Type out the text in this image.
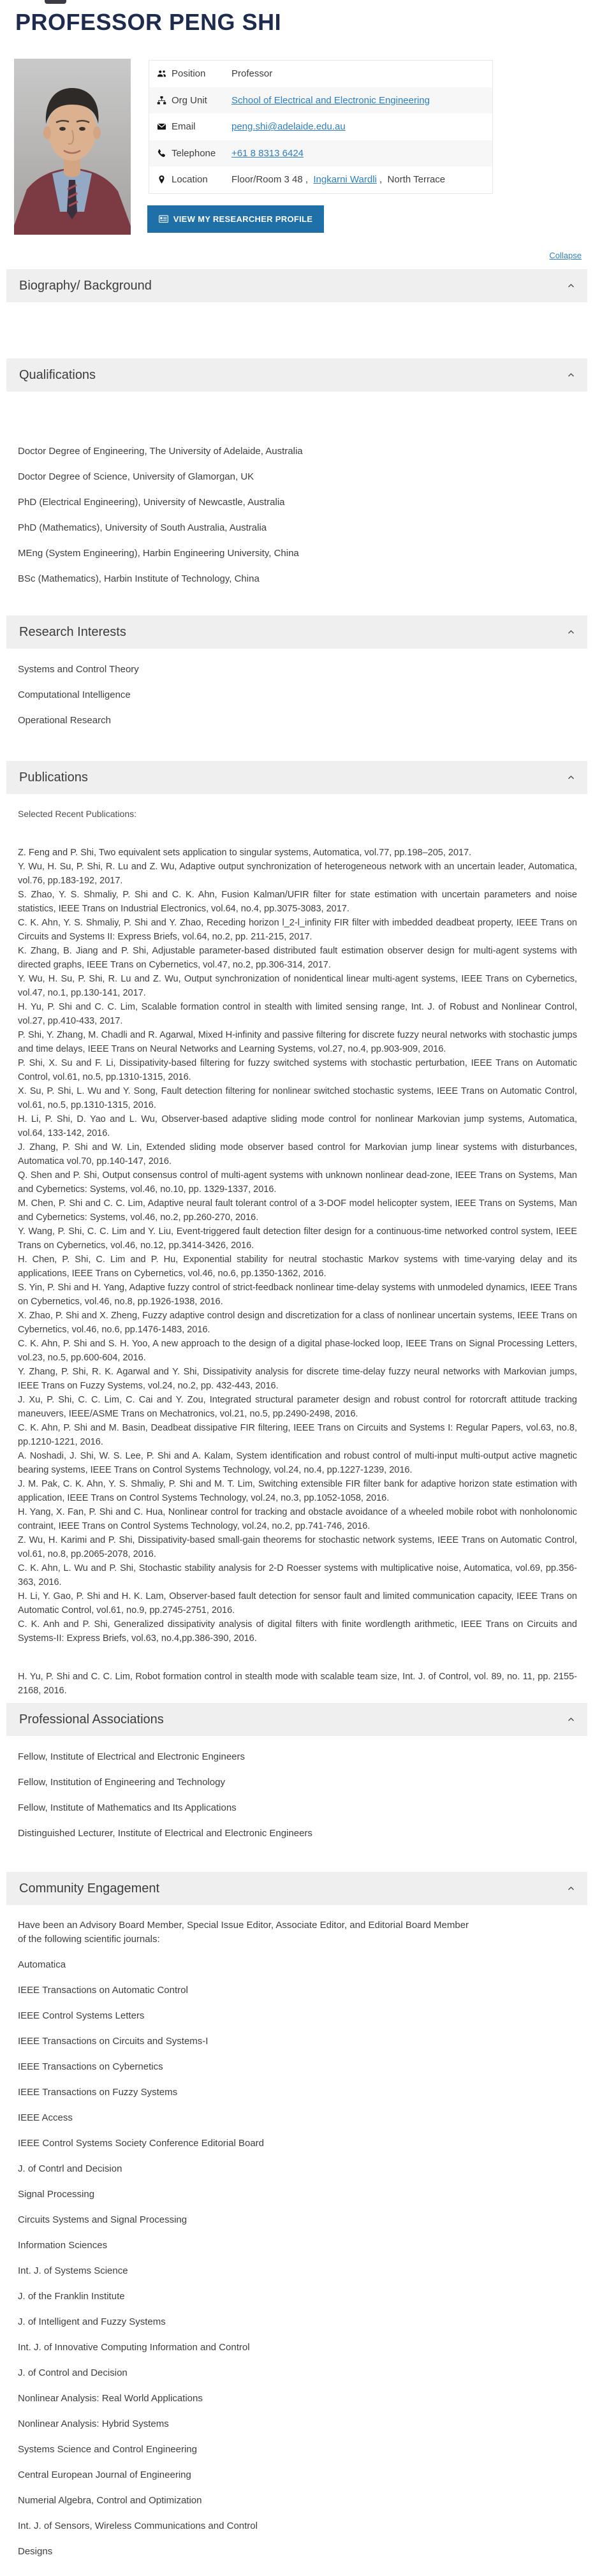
PROFESSOR PENG SHI
Position	Professor
Org Unit	School of Electrical and Electronic Engineering
Email	peng.shi@adelaide.edu.au
Telephone +61 8 8313 6424
Location Floor/Room 3 48 ,  Ingkarni Wardli ,  North Terrace
VIEW MY RESEARCHER PROFILE
Collapse
Biography/ Background
Qualifications
Doctor Degree of Engineering, The University of Adelaide, Australia
Doctor Degree of Science, University of Glamorgan, UK
PhD (Electrical Engineering), University of Newcastle, Australia
PhD (Mathematics), University of South Australia, Australia
MEng (System Engineering), Harbin Engineering University, China
BSc (Mathematics), Harbin Institute of Technology, China
Research Interests
Systems and Control Theory
Computational Intelligence
Operational Research
Publications
Selected Recent Publications:

Z. Feng and P. Shi, Two equivalent sets application to singular systems, Automatica, vol.77, pp.198–205, 2017.

Y. Wu, H. Su, P. Shi, R. Lu and Z. Wu, Adaptive output synchronization of heterogeneous network with an uncertain leader, Automatica, vol.76, pp.183-192, 2017.

S. Zhao, Y. S. Shmaliy, P. Shi and C. K. Ahn, Fusion Kalman/UFIR filter for state estimation with uncertain parameters and noise statistics, IEEE Trans on Industrial Electronics, vol.64, no.4, pp.3075-3083, 2017.

C. K. Ahn, Y. S. Shmaliy, P. Shi and Y. Zhao, Receding horizon l_2-l_infinity FIR filter with imbedded deadbeat property, IEEE Trans on Circuits and Systems II: Express Briefs, vol.64, no.2, pp. 211-215, 2017.

K. Zhang, B. Jiang and P. Shi, Adjustable parameter-based distributed fault estimation observer design for multi-agent systems with directed graphs, IEEE Trans on Cybernetics, vol.47, no.2, pp.306-314, 2017.

Y. Wu, H. Su, P. Shi, R. Lu and Z. Wu, Output synchronization of nonidentical linear multi-agent systems, IEEE Trans on Cybernetics, vol.47, no.1, pp.130-141, 2017.

H. Yu, P. Shi and C. C. Lim, Scalable formation control in stealth with limited sensing range, Int. J. of Robust and Nonlinear Control, vol.27, pp.410-433, 2017.

P. Shi, Y. Zhang, M. Chadli and R. Agarwal, Mixed H-infinity and passive filtering for discrete fuzzy neural networks with stochastic jumps and time delays, IEEE Trans on Neural Networks and Learning Systems, vol.27, no.4, pp.903-909, 2016.

P. Shi, X. Su and F. Li, Dissipativity-based filtering for fuzzy switched systems with stochastic perturbation, IEEE Trans on Automatic Control, vol.61, no.5, pp.1310-1315, 2016.

X. Su, P. Shi, L. Wu and Y. Song, Fault detection filtering for nonlinear switched stochastic systems, IEEE Trans on Automatic Control, vol.61, no.5, pp.1310-1315, 2016.

H. Li, P. Shi, D. Yao and L. Wu, Observer-based adaptive sliding mode control for nonlinear Markovian jump systems, Automatica, vol.64, 133-142, 2016.

J. Zhang, P. Shi and W. Lin, Extended sliding mode observer based control for Markovian jump linear systems with disturbances, Automatica vol.70, pp.140-147, 2016.

Q. Shen and P. Shi, Output consensus control of multi-agent systems with unknown nonlinear dead-zone, IEEE Trans on Systems, Man and Cybernetics: Systems, vol.46, no.10, pp. 1329-1337, 2016.

M. Chen, P. Shi and C. C. Lim, Adaptive neural fault tolerant control of a 3-DOF model helicopter system, IEEE Trans on Systems, Man and Cybernetics: Systems, vol.46, no.2, pp.260-270, 2016.

Y. Wang, P. Shi, C. C. Lim and Y. Liu, Event-triggered fault detection filter design for a continuous-time networked control system, IEEE Trans on Cybernetics, vol.46, no.12, pp.3414-3426, 2016.

H. Chen, P. Shi, C. Lim and P. Hu, Exponential stability for neutral stochastic Markov systems with time-varying delay and its applications, IEEE Trans on Cybernetics, vol.46, no.6, pp.1350-1362, 2016.

S. Yin, P. Shi and H. Yang, Adaptive fuzzy control of strict-feedback nonlinear time-delay systems with unmodeled dynamics, IEEE Trans on Cybernetics, vol.46, no.8, pp.1926-1938, 2016.

X. Zhao, P. Shi and X. Zheng, Fuzzy adaptive control design and discretization for a class of nonlinear uncertain systems, IEEE Trans on Cybernetics, vol.46, no.6, pp.1476-1483, 2016.

C. K. Ahn, P. Shi and S. H. Yoo, A new approach to the design of a digital phase-locked loop, IEEE Trans on Signal Processing Letters, vol.23, no.5, pp.600-604, 2016.

Y. Zhang, P. Shi, R. K. Agarwal and Y. Shi, Dissipativity analysis for discrete time-delay fuzzy neural networks with Markovian jumps, IEEE Trans on Fuzzy Systems, vol.24, no.2, pp. 432-443, 2016.

J. Xu, P. Shi, C. C. Lim, C. Cai and Y. Zou, Integrated structural parameter design and robust control for rotorcraft attitude tracking maneuvers, IEEE/ASME Trans on Mechatronics, vol.21, no.5, pp.2490-2498, 2016.

C. K. Ahn, P. Shi and M. Basin, Deadbeat dissipative FIR filtering, IEEE Trans on Circuits and Systems I: Regular Papers, vol.63, no.8, pp.1210-1221, 2016.

A. Noshadi, J. Shi, W. S. Lee, P. Shi and A. Kalam, System identification and robust control of multi-input multi-output active magnetic bearing systems, IEEE Trans on Control Systems Technology, vol.24, no.4, pp.1227-1239, 2016.

J. M. Pak, C. K. Ahn, Y. S. Shmaliy, P. Shi and M. T. Lim, Switching extensible FIR filter bank for adaptive horizon state estimation with application, IEEE Trans on Control Systems Technology, vol.24, no.3, pp.1052-1058, 2016.

H. Yang, X. Fan, P. Shi and C. Hua, Nonlinear control for tracking and obstacle avoidance of a wheeled mobile robot with nonholonomic contraint, IEEE Trans on Control Systems Technology, vol.24, no.2, pp.741-746, 2016.

Z. Wu, H. Karimi and P. Shi, Dissipativity-based small-gain theorems for stochastic network systems, IEEE Trans on Automatic Control, vol.61, no.8, pp.2065-2078, 2016.

C. K. Ahn, L. Wu and P. Shi, Stochastic stability analysis for 2-D Roesser systems with multiplicative noise, Automatica, vol.69, pp.356-363, 2016.

H. Li, Y. Gao, P. Shi and H. K. Lam, Observer-based fault detection for sensor fault and limited communication capacity, IEEE Trans on Automatic Control, vol.61, no.9, pp.2745-2751, 2016.

C. K. Anh and P. Shi, Generalized dissipativity analysis of digital filters with finite wordlength arithmetic, IEEE Trans on Circuits and Systems-II: Express Briefs, vol.63, no.4,pp.386-390, 2016.

H. Yu, P. Shi and C. C. Lim, Robot formation control in stealth mode with scalable team size, Int. J. of Control, vol. 89, no. 11, pp. 2155-2168, 2016.

Professional Associations
Fellow, Institute of Electrical and Electronic Engineers
Fellow, Institution of Engineering and Technology
Fellow, Institute of Mathematics and Its Applications
Distinguished Lecturer, Institute of Electrical and Electronic Engineers
Community Engagement
Have been an Advisory Board Member, Special Issue Editor, Associate Editor, and Editorial Board Member of the following scientific journals:
Automatica
IEEE Transactions on Automatic Control
IEEE Control Systems Letters
IEEE Transactions on Circuits and Systems-I
IEEE Transactions on Cybernetics
IEEE Transactions on Fuzzy Systems
IEEE Access
IEEE Control Systems Society Conference Editorial Board
J. of Contrl and Decision
Signal Processing
Circuits Systems and Signal Processing
Information Sciences
Int. J. of Systems Science
J. of the Franklin Institute
J. of Intelligent and Fuzzy Systems
Int. J. of Innovative Computing Information and Control
J. of Control and Decision
Nonlinear Analysis: Real World Applications
Nonlinear Analysis: Hybrid Systems
Systems Science and Control Engineering
Central European Journal of Engineering
Numerial Algebra, Control and Optimization
Int. J. of Sensors, Wireless Communications and Control
Designs
